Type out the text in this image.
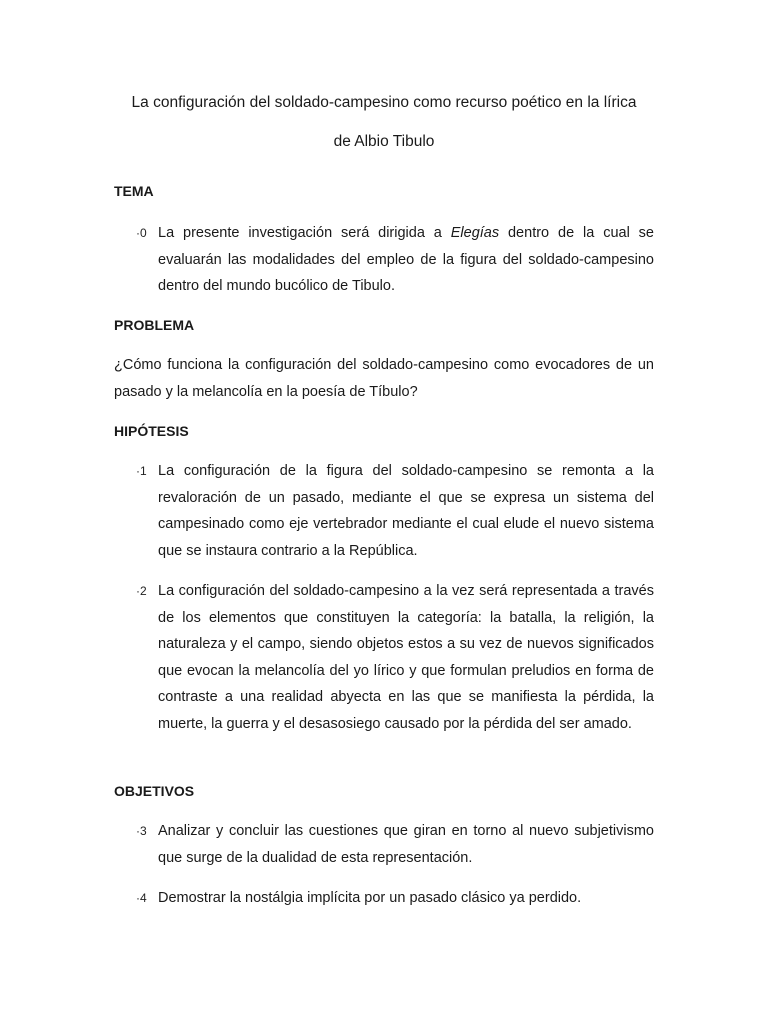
La configuración del soldado-campesino como recurso poético en la lírica
de Albio Tibulo
TEMA
·0 La presente investigación será dirigida a Elegías dentro de la cual se evaluarán las modalidades del empleo de la figura del soldado-campesino dentro del mundo bucólico de Tibulo.
PROBLEMA
¿Cómo funciona la configuración del soldado-campesino como evocadores de un pasado y la melancolía en la poesía de Tíbulo?
HIPÓTESIS
·1 La configuración de la figura del soldado-campesino se remonta a la revaloración de un pasado, mediante el que se expresa un sistema del campesinado como eje vertebrador mediante el cual elude el nuevo sistema que se instaura contrario a la República.
·2 La configuración del soldado-campesino a la vez será representada a través de los elementos que constituyen la categoría: la batalla, la religión, la naturaleza y el campo, siendo objetos estos a su vez de nuevos significados que evocan la melancolía del yo lírico y que formulan preludios en forma de contraste a una realidad abyecta en las que se manifiesta la pérdida, la muerte, la guerra y el desasosiego causado por la pérdida del ser amado.
OBJETIVOS
·3 Analizar y concluir las cuestiones que giran en torno al nuevo subjetivismo que surge de la dualidad de esta representación.
·4 Demostrar la nostálgia implícita por un pasado clásico ya perdido.
